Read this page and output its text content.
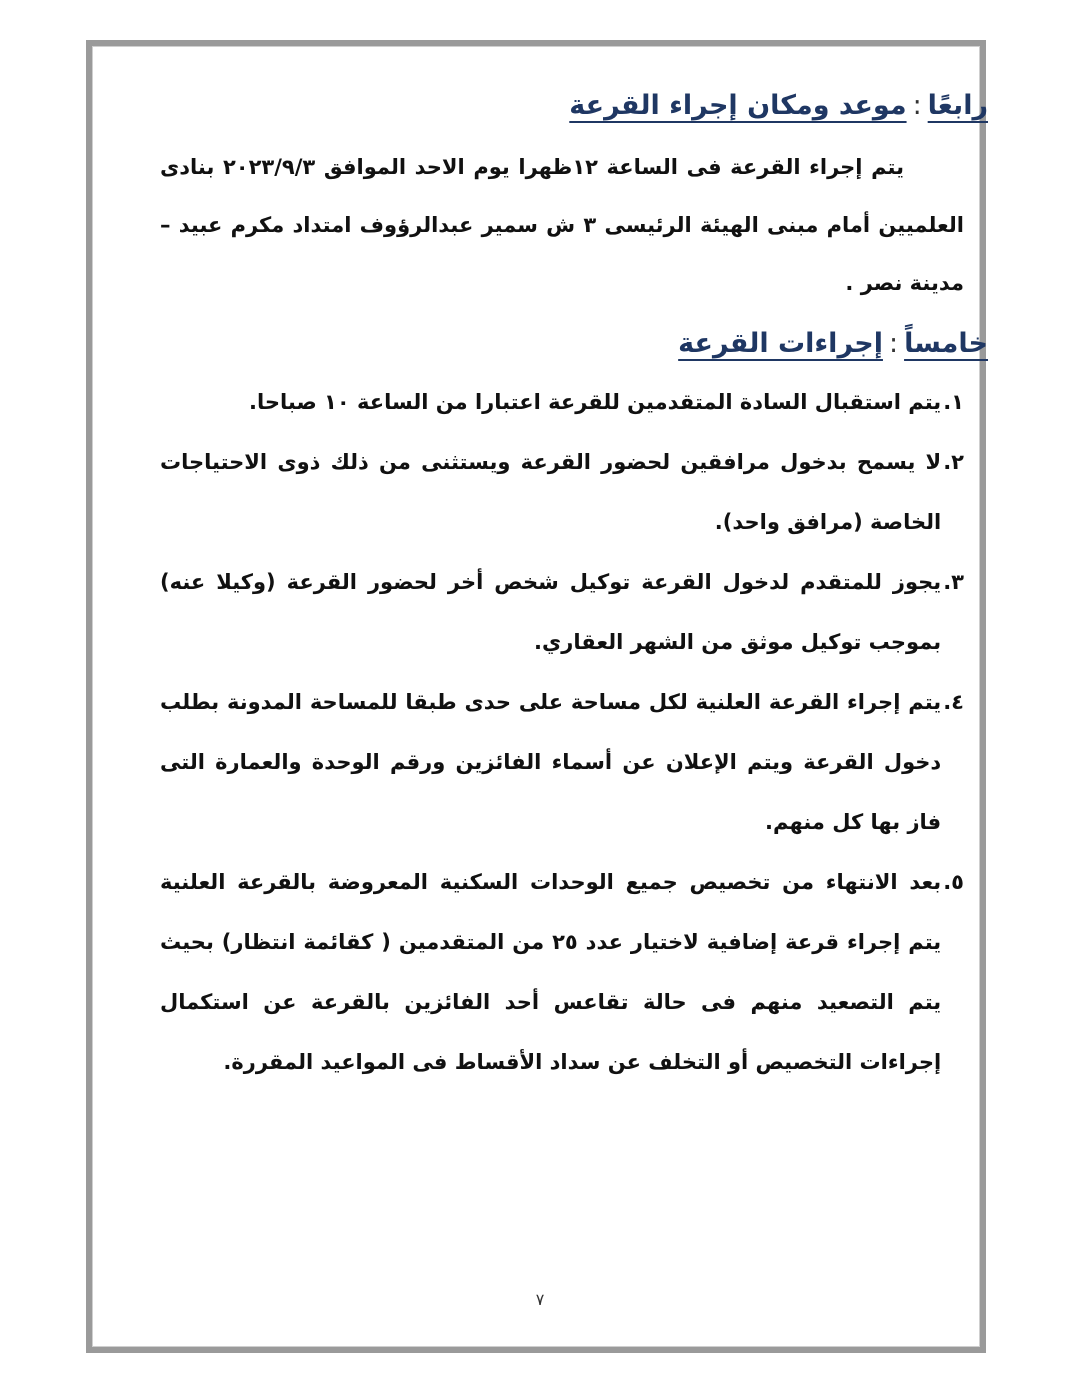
رابعًا:موعد ومكان إجراء القرعة

يتم إجراء القرعة فى الساعة ١٢ظهرا يوم الاحد الموافق ٢٠٢٣/٩/٣ بنادى العلميين أمام مبنى الهيئة الرئيسى ٣ ش سمير عبدالرؤوف امتداد مكرم عبيد – مدينة نصر .

خامساً:إجراءات القرعة
١.
يتم استقبال السادة المتقدمين للقرعة اعتبارا من الساعة ١٠ صباحا.
٢.
لا يسمح بدخول مرافقين لحضور القرعة ويستثنى من ذلك ذوى الاحتياجات الخاصة (مرافق واحد).
٣.
يجوز للمتقدم لدخول القرعة توكيل شخص أخر لحضور القرعة (وكيلا عنه) بموجب توكيل موثق من الشهر العقاري.
٤.
يتم إجراء القرعة العلنية لكل مساحة على حدى طبقا للمساحة المدونة بطلب دخول القرعة ويتم الإعلان عن أسماء الفائزين ورقم الوحدة والعمارة التى فاز بها كل منهم.
٥.
بعد الانتهاء من تخصيص جميع الوحدات السكنية المعروضة بالقرعة العلنية يتم إجراء قرعة إضافية لاختيار عدد ٢٥ من المتقدمين ( كقائمة انتظار) بحيث يتم التصعيد منهم فى حالة تقاعس أحد الفائزين بالقرعة عن استكمال إجراءات التخصيص أو التخلف عن سداد الأقساط فى المواعيد المقررة.
٧
